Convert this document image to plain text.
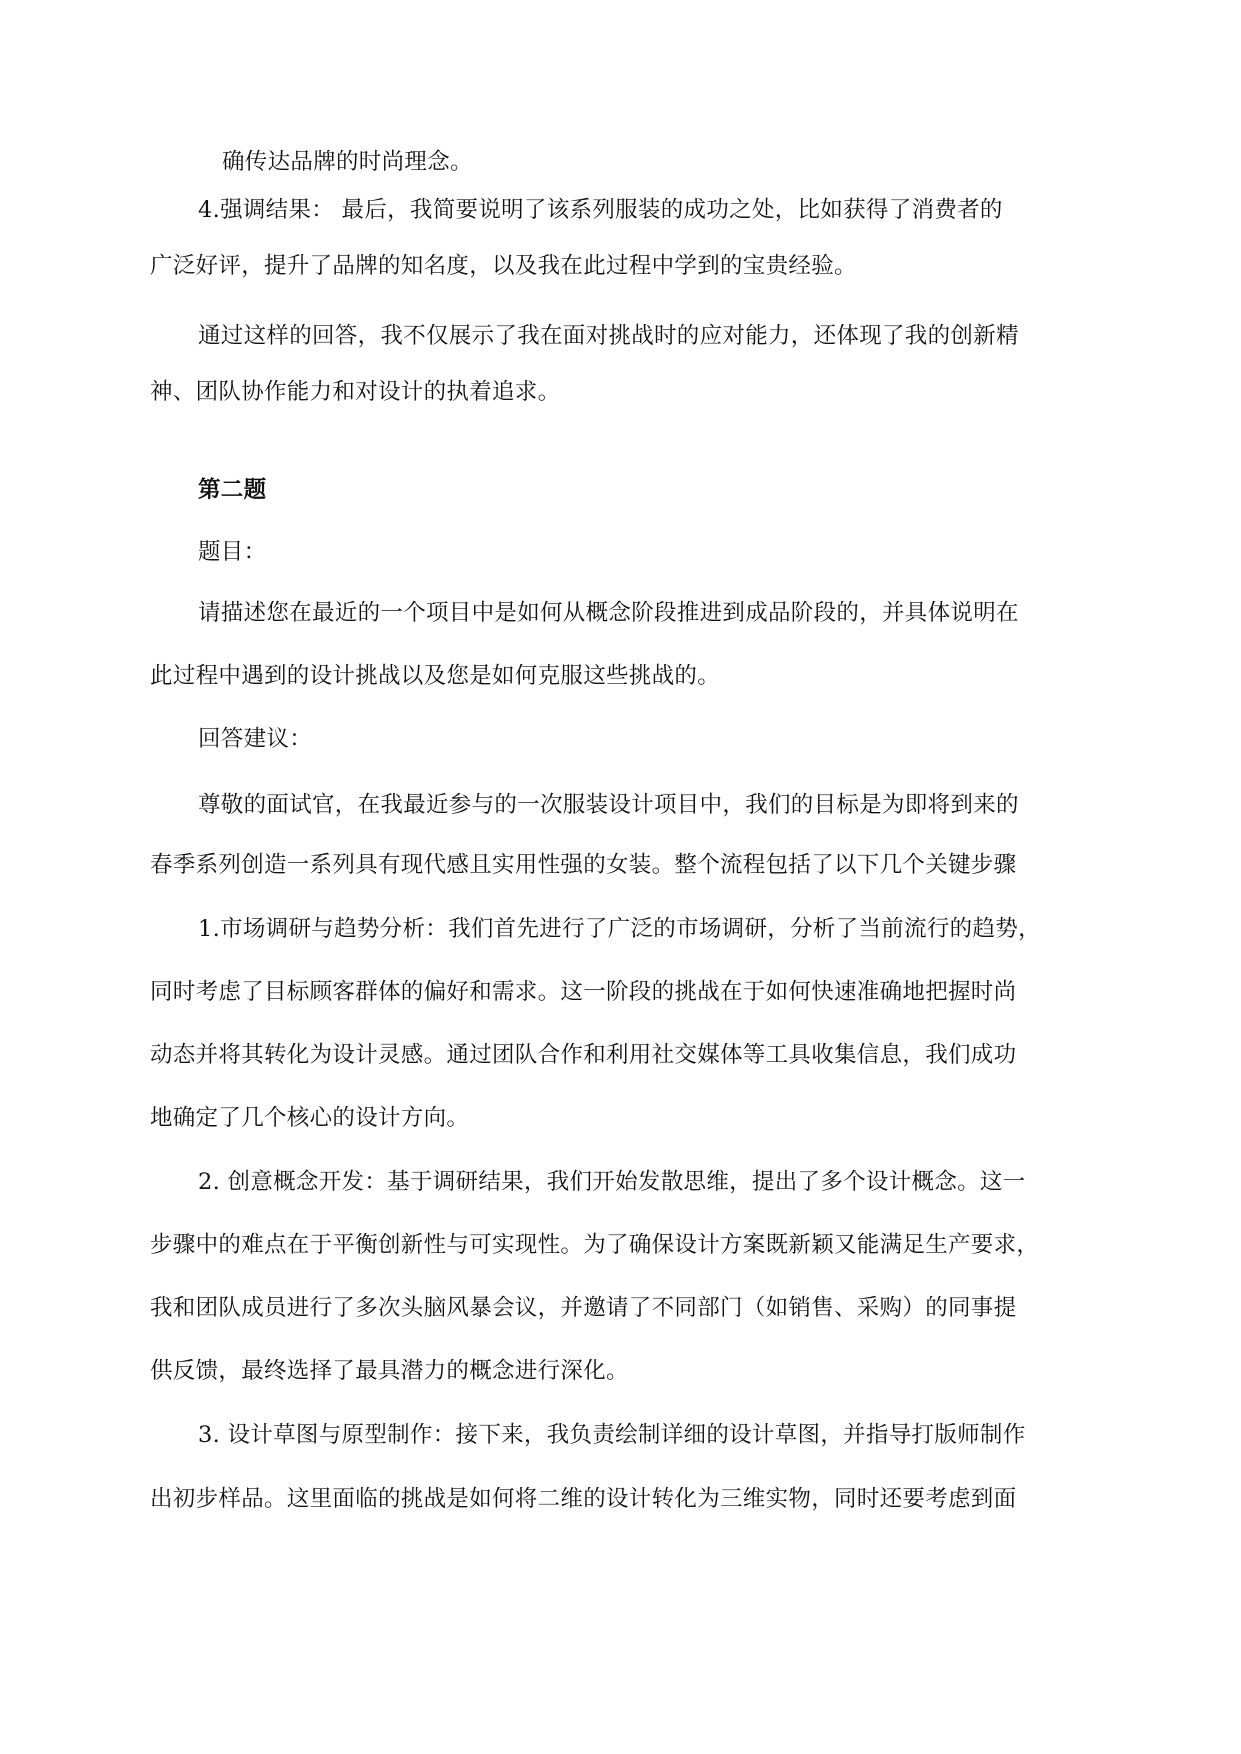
确传达品牌的时尚理念。
4.强调结果： 最后，我简要说明了该系列服装的成功之处，比如获得了消费者的
广泛好评，提升了品牌的知名度，以及我在此过程中学到的宝贵经验。
通过这样的回答，我不仅展示了我在面对挑战时的应对能力，还体现了我的创新精
神、团队协作能力和对设计的执着追求。
第二题
题目：
请描述您在最近的一个项目中是如何从概念阶段推进到成品阶段的，并具体说明在
此过程中遇到的设计挑战以及您是如何克服这些挑战的。
回答建议：
尊敬的面试官，在我最近参与的一次服装设计项目中，我们的目标是为即将到来的
春季系列创造一系列具有现代感且实用性强的女装。整个流程包括了以下几个关键步骤
1.市场调研与趋势分析：我们首先进行了广泛的市场调研，分析了当前流行的趋势，
同时考虑了目标顾客群体的偏好和需求。这一阶段的挑战在于如何快速准确地把握时尚
动态并将其转化为设计灵感。通过团队合作和利用社交媒体等工具收集信息，我们成功
地确定了几个核心的设计方向。
2. 创意概念开发：基于调研结果，我们开始发散思维，提出了多个设计概念。这一
步骤中的难点在于平衡创新性与可实现性。为了确保设计方案既新颖又能满足生产要求，
我和团队成员进行了多次头脑风暴会议，并邀请了不同部门（如销售、采购）的同事提
供反馈，最终选择了最具潜力的概念进行深化。
3. 设计草图与原型制作：接下来，我负责绘制详细的设计草图，并指导打版师制作
出初步样品。这里面临的挑战是如何将二维的设计转化为三维实物，同时还要考虑到面
